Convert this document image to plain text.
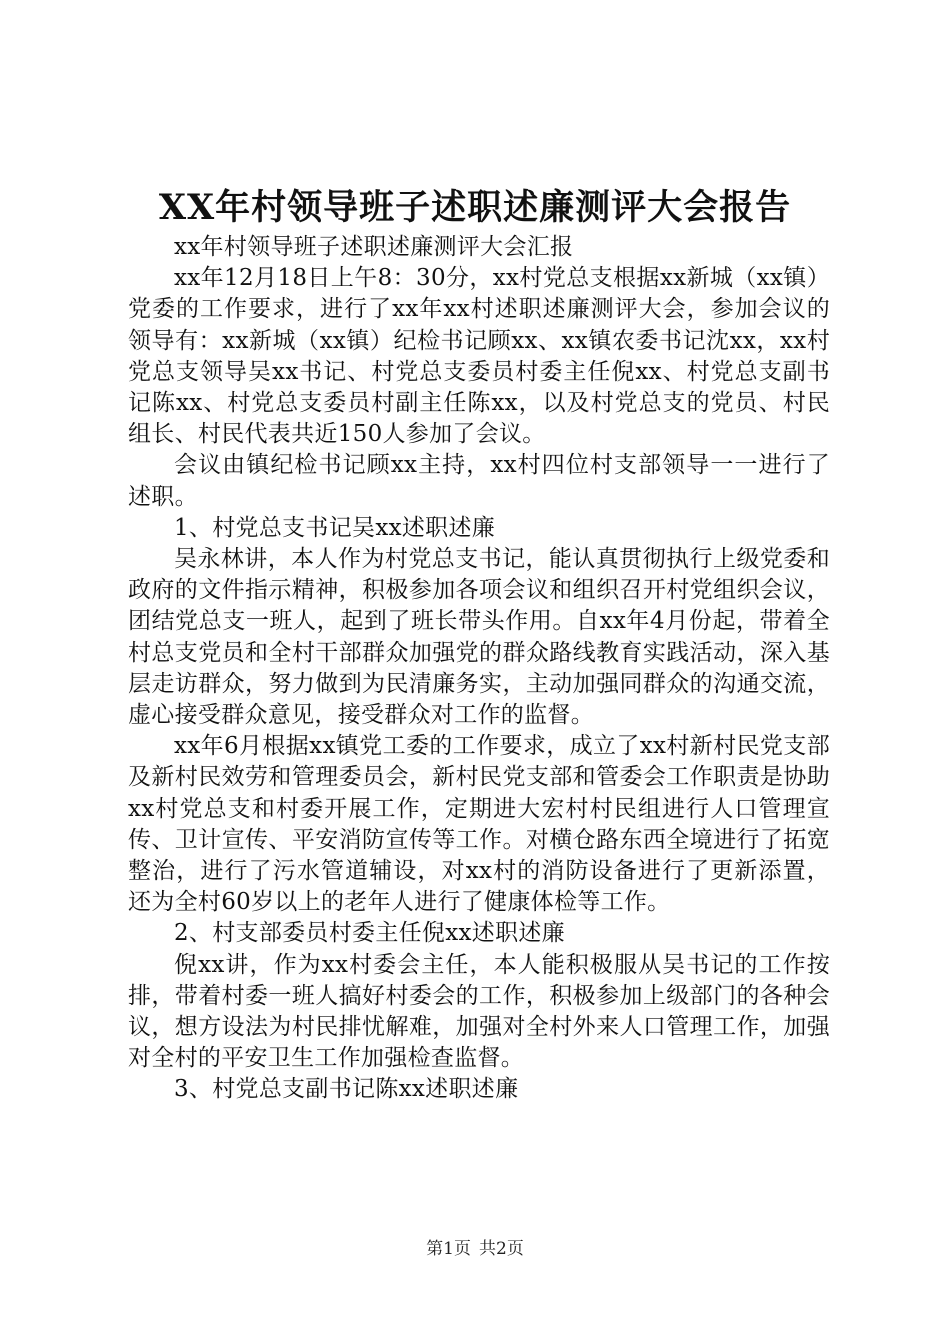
XX年村领导班子述职述廉测评大会报告

xx年村领导班子述职述廉测评大会汇报

xx年12月18日上午8：30分，xx村党总支根据xx新城（xx镇）党委的工作要求，进行了xx年xx村述职述廉测评大会，参加会议的领导有：xx新城（xx镇）纪检书记顾xx、xx镇农委书记沈xx，xx村党总支领导吴xx书记、村党总支委员村委主任倪xx、村党总支副书记陈xx、村党总支委员村副主任陈xx，以及村党总支的党员、村民组长、村民代表共近150人参加了会议。

会议由镇纪检书记顾xx主持，xx村四位村支部领导一一进行了述职。

1、村党总支书记吴xx述职述廉

吴永林讲，本人作为村党总支书记，能认真贯彻执行上级党委和政府的文件指示精神，积极参加各项会议和组织召开村党组织会议，团结党总支一班人，起到了班长带头作用。自xx年4月份起，带着全村总支党员和全村干部群众加强党的群众路线教育实践活动，深入基层走访群众，努力做到为民清廉务实，主动加强同群众的沟通交流，虚心接受群众意见，接受群众对工作的监督。

xx年6月根据xx镇党工委的工作要求，成立了xx村新村民党支部及新村民效劳和管理委员会，新村民党支部和管委会工作职责是协助xx村党总支和村委开展工作，定期进大宏村村民组进行人口管理宣传、卫计宣传、平安消防宣传等工作。对横仓路东西全境进行了拓宽整治，进行了污水管道辅设，对xx村的消防设备进行了更新添置，还为全村60岁以上的老年人进行了健康体检等工作。

2、村支部委员村委主任倪xx述职述廉

倪xx讲，作为xx村委会主任，本人能积极服从吴书记的工作按排，带着村委一班人搞好村委会的工作，积极参加上级部门的各种会议，想方设法为村民排忧解难，加强对全村外来人口管理工作，加强对全村的平安卫生工作加强检查监督。

3、村党总支副书记陈xx述职述廉

第1页 共2页
